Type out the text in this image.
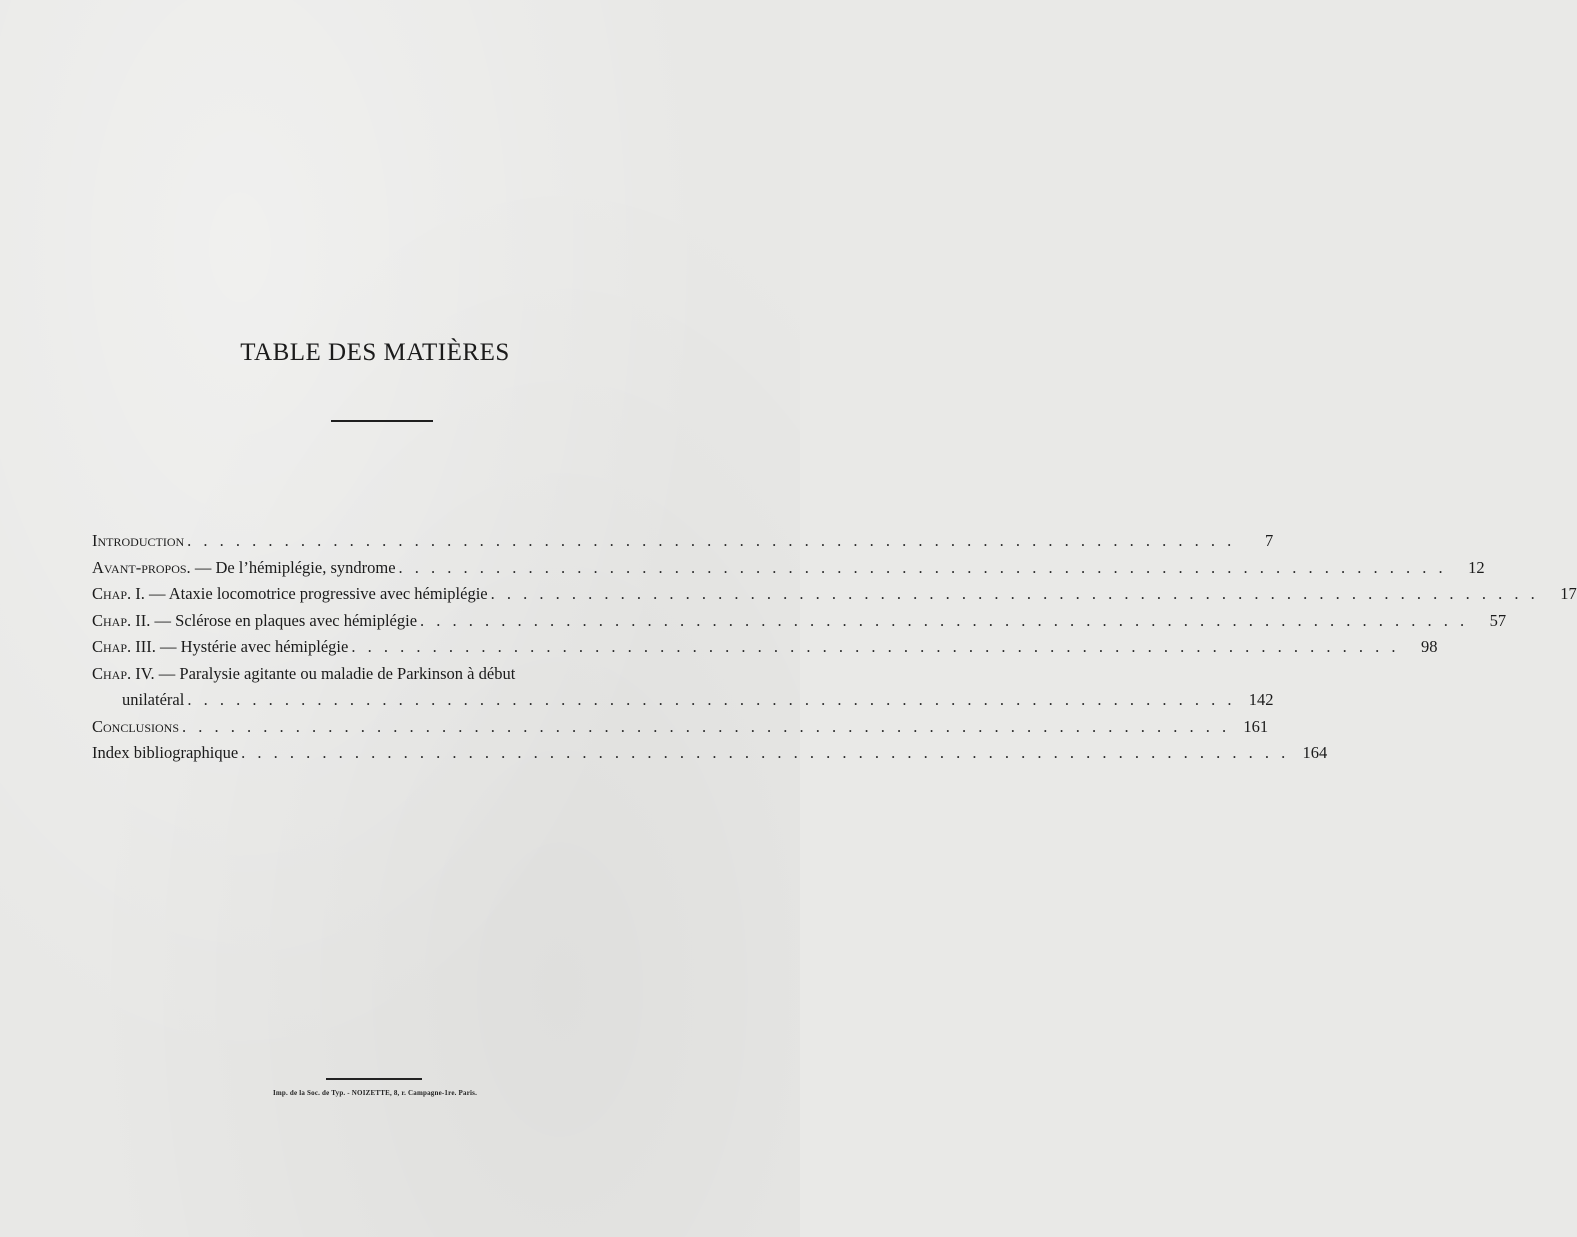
TABLE DES MATIÈRES
Introduction . . . . . . . . . . . . . . . . . . . . . . . . . . . . . . . . . . . . . . . . . . . . . . . . . . . . . . . . . . . . . . . . .	7
Avant-propos. — De l’hémiplégie, syndrome . . . . . . . . . . . . . . . . . . . . . . . . . . . . . . . . . . . . . . . . . . . . . . . . . . . . . . . . . . . . . . . . .	12
Chap. I. — Ataxie locomotrice progressive avec hémiplégie . . . . . . . . . . . . . . . . . . . . . . . . . . . . . . . . . . . . . . . . . . . . . . . . . . . . . . . . . . . . . . . . .	17
Chap. II. — Sclérose en plaques avec hémiplégie . . . . . . . . . . . . . . . . . . . . . . . . . . . . . . . . . . . . . . . . . . . . . . . . . . . . . . . . . . . . . . . . .	57
Chap. III. — Hystérie avec hémiplégie . . . . . . . . . . . . . . . . . . . . . . . . . . . . . . . . . . . . . . . . . . . . . . . . . . . . . . . . . . . . . . . . .	98
Chap. IV. — Paralysie agitante ou maladie de Parkinson à début
unilatéral . . . . . . . . . . . . . . . . . . . . . . . . . . . . . . . . . . . . . . . . . . . . . . . . . . . . . . . . . . . . . . . . . 142
Conclusions . . . . . . . . . . . . . . . . . . . . . . . . . . . . . . . . . . . . . . . . . . . . . . . . . . . . . . . . . . . . . . . . . 161
Index bibliographique . . . . . . . . . . . . . . . . . . . . . . . . . . . . . . . . . . . . . . . . . . . . . . . . . . . . . . . . . . . . . . . . . 164
Imp. de la Soc. de Typ. - NOIZETTE, 8, r. Campagne-1re. Paris.
